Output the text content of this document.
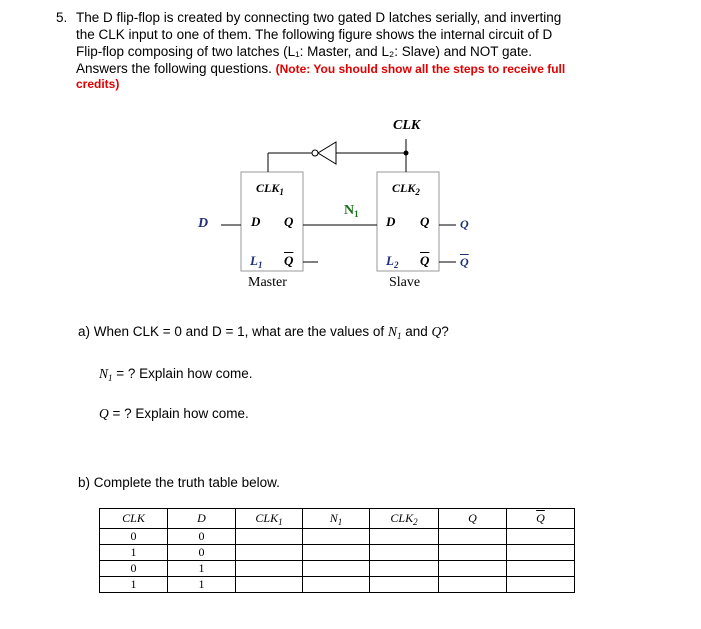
5. The D flip-flop is created by connecting two gated D latches serially, and inverting
the CLK input to one of them. The following figure shows the internal circuit of D
Flip-flop composing of two latches (L₁: Master, and L₂: Slave) and NOT gate.
Answers the following questions. (Note: You should show all the steps to receive full
credits)
CLK
D
$N_1$
Q
$\overline{Q}$
$CLK_1$
D Q
$L_1$ $\overline{Q}$
Master
$CLK_2$
D Q
$L_2$ $\overline{Q}$
Slave
a) When CLK = 0 and D = 1, what are the values of $N_1$ and Q?
$N_1$ = ? Explain how come.
Q = ? Explain how come.
b) Complete the truth table below.
CLK	D	$CLK_1$	$N_1$	$CLK_2$	Q	$\overline{Q}$
0	0					
1	0					
0	1					
1	1					
